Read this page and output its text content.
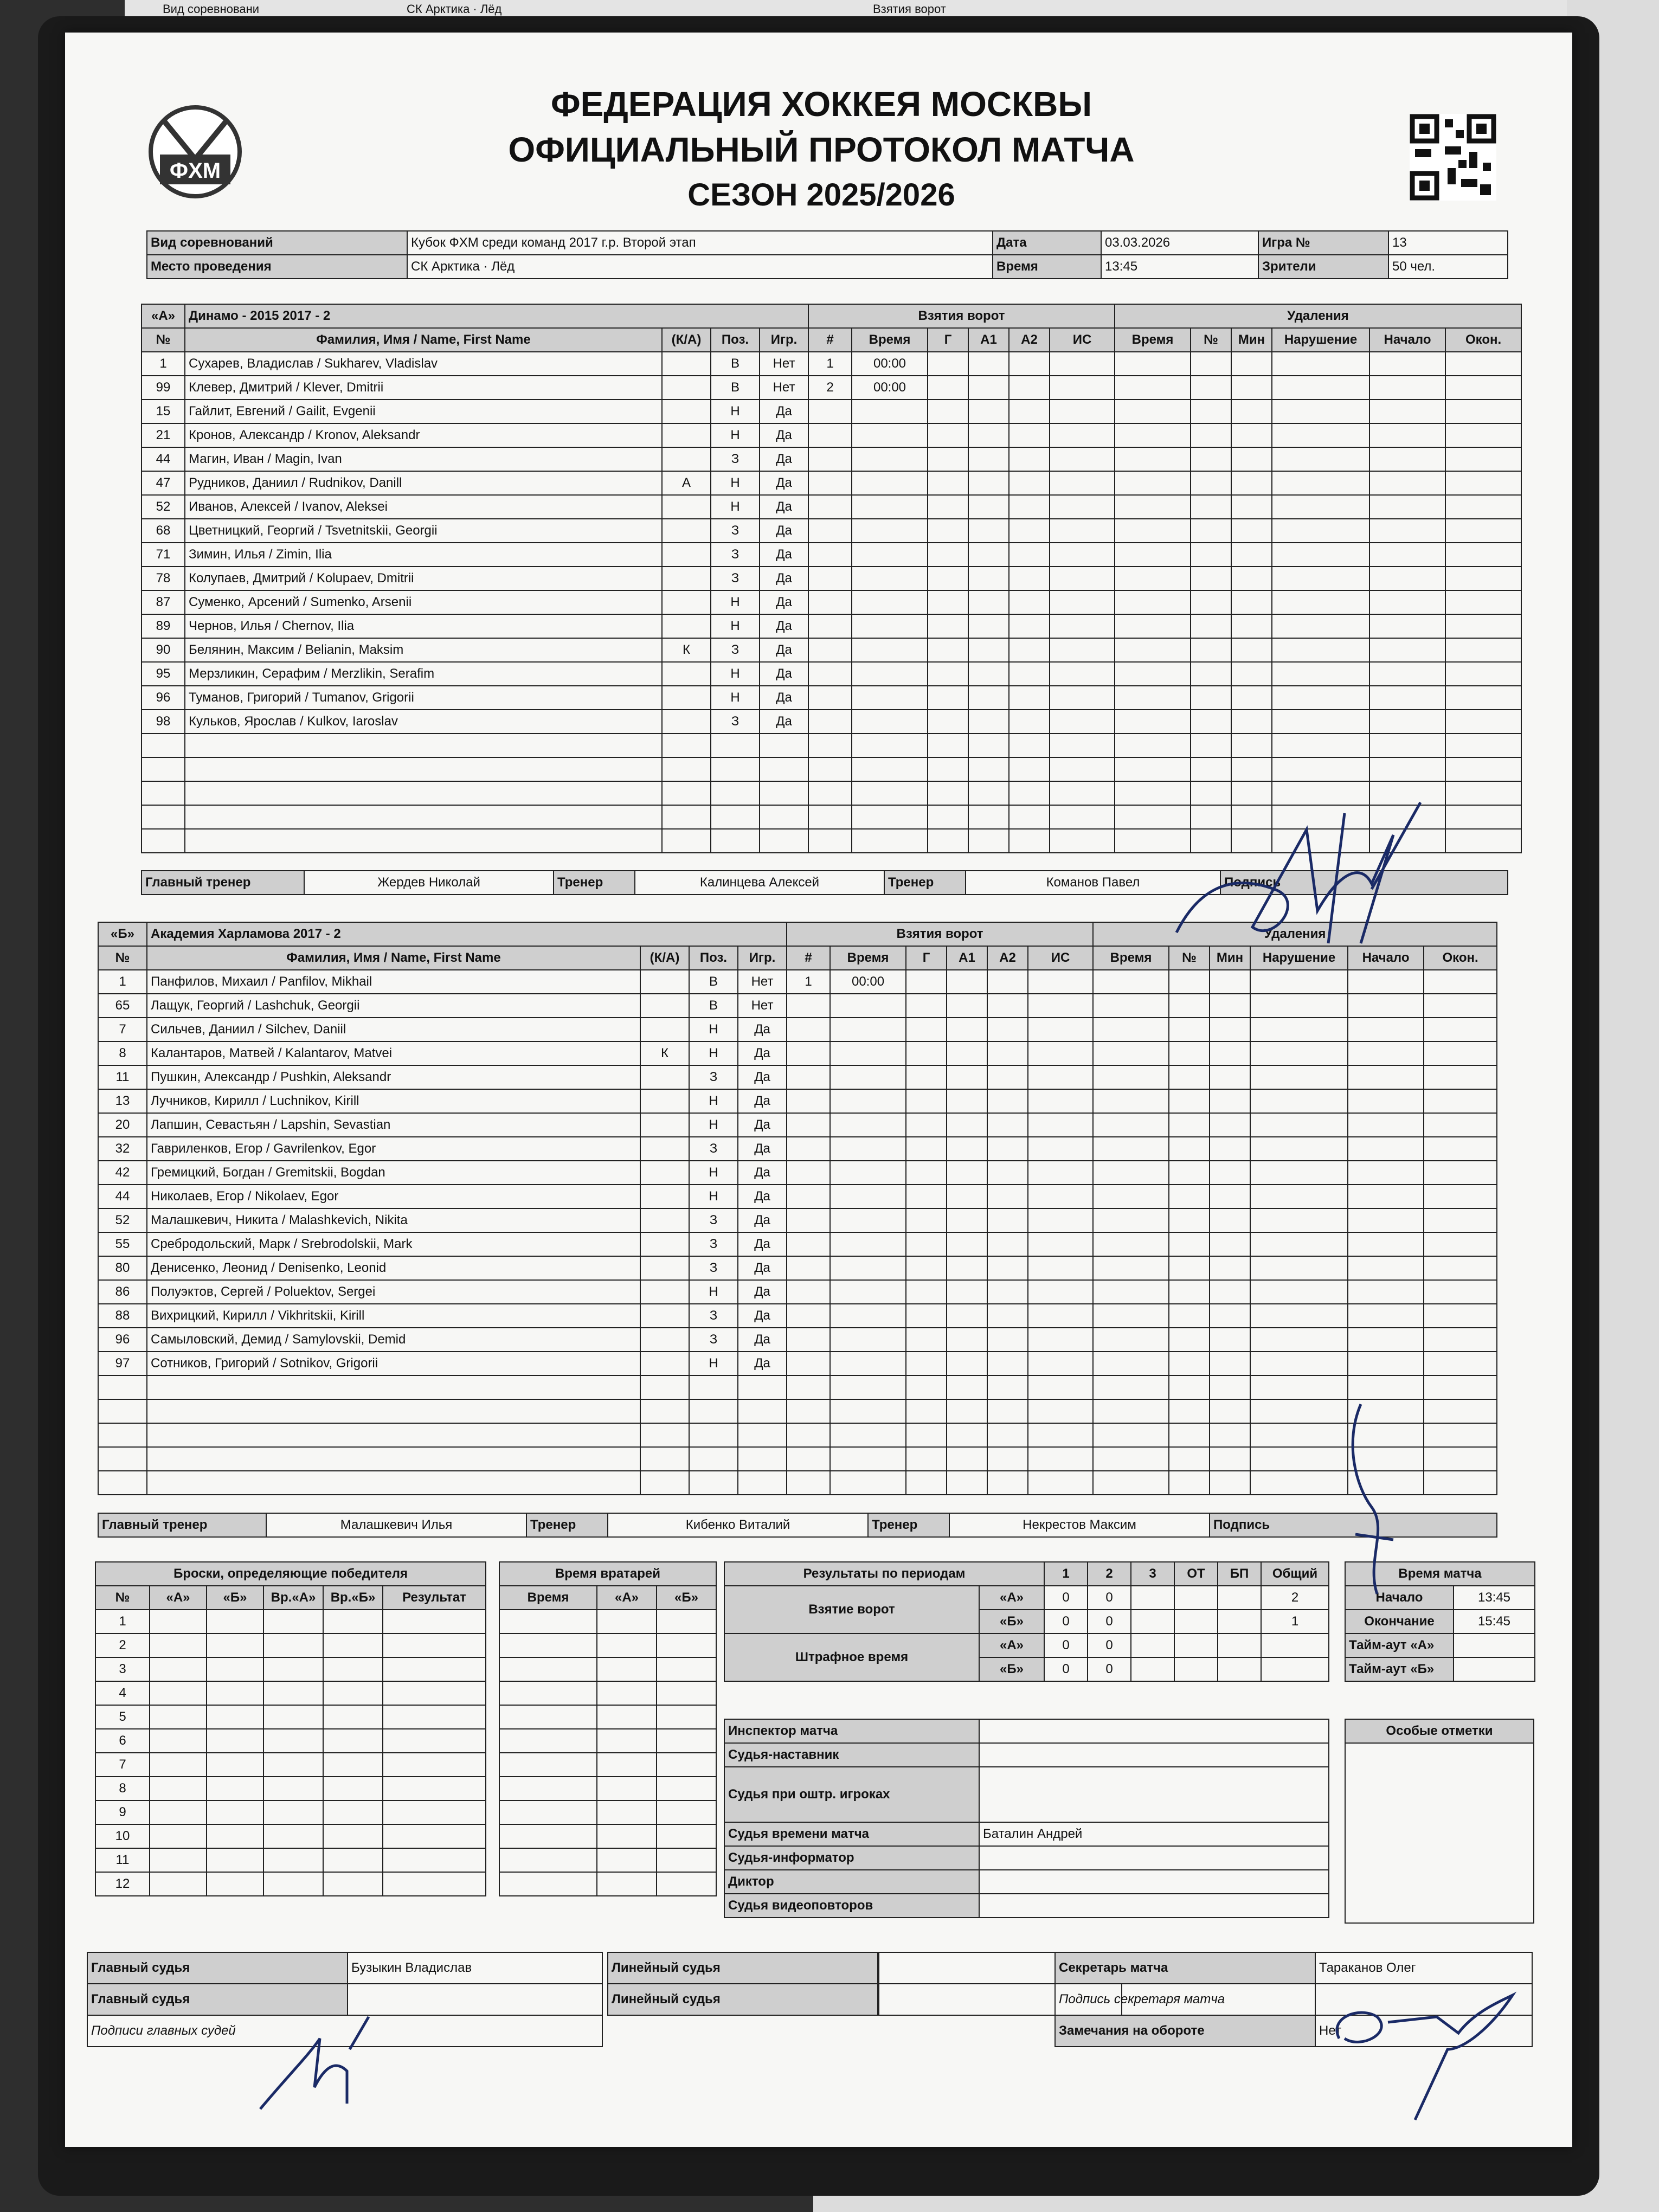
Вид соревновани	СК Арктика · Лёд	Взятия ворот
ФХМ
ФЕДЕРАЦИЯ ХОККЕЯ МОСКВЫ
ОФИЦИАЛЬНЫЙ ПРОТОКОЛ МАТЧА
СЕЗОН 2025/2026
Вид соревнований	Кубок ФХМ среди команд 2017 г.р. Второй этап	Дата	03.03.2026	Игра №	13
Место проведения	СК Арктика · Лёд	Время	13:45	Зрители	50 чел.
«А»	Динамо - 2015 2017 - 2				Взятия ворот						Удаления					
№	Фамилия, Имя / Name, First Name	(К/А)	Поз.	Игр.	#	Время	Г	А1	А2	ИС	Время	№	Мин	Нарушение	Начало	Окон.
1	Сухарев, Владислав / Sukharev, Vladislav		В	Нет	1	00:00										
99	Клевер, Дмитрий / Klever, Dmitrii		В	Нет	2	00:00										
15	Гайлит, Евгений / Gailit, Evgenii		Н	Да												
21	Кронов, Александр / Kronov, Aleksandr		Н	Да												
44	Магин, Иван / Magin, Ivan		З	Да												
47	Рудников, Даниил / Rudnikov, Danill	А	Н	Да												
52	Иванов, Алексей / Ivanov, Aleksei		Н	Да												
68	Цветницкий, Георгий / Tsvetnitskii, Georgii		З	Да												
71	Зимин, Илья / Zimin, Ilia		З	Да												
78	Колупаев, Дмитрий / Kolupaev, Dmitrii		З	Да												
87	Суменко, Арсений / Sumenko, Arsenii		Н	Да												
89	Чернов, Илья / Chernov, Ilia		Н	Да												
90	Белянин, Максим / Belianin, Maksim	К	З	Да												
95	Мерзликин, Серафим / Merzlikin, Serafim		Н	Да												
96	Туманов, Григорий / Tumanov, Grigorii		Н	Да												
98	Кульков, Ярослав / Kulkov, Iaroslav		З	Да												

Главный тренер	Жердев Николай	Тренер	Калинцева Алексей	Тренер	Команов Павел	Подпись
«Б»	Академия Харламова 2017 - 2				Взятия ворот						Удаления					
№	Фамилия, Имя / Name, First Name	(К/А)	Поз.	Игр.	#	Время	Г	А1	А2	ИС	Время	№	Мин	Нарушение	Начало	Окон.
1	Панфилов, Михаил / Panfilov, Mikhail		В	Нет	1	00:00										
65	Лащук, Георгий / Lashchuk, Georgii		В	Нет												
7	Сильчев, Даниил / Silchev, Daniil		Н	Да												
8	Калантаров, Матвей / Kalantarov, Matvei	К	Н	Да												
11	Пушкин, Александр / Pushkin, Aleksandr		З	Да												
13	Лучников, Кирилл / Luchnikov, Kirill		Н	Да												
20	Лапшин, Севастьян / Lapshin, Sevastian		Н	Да												
32	Гавриленков, Егор / Gavrilenkov, Egor		З	Да												
42	Гремицкий, Богдан / Gremitskii, Bogdan		Н	Да												
44	Николаев, Егор / Nikolaev, Egor		Н	Да												
52	Малашкевич, Никита / Malashkevich, Nikita		З	Да												
55	Сребродольский, Марк / Srebrodolskii, Mark		З	Да												
80	Денисенко, Леонид / Denisenko, Leonid		З	Да												
86	Полуэктов, Сергей / Poluektov, Sergei		Н	Да												
88	Вихрицкий, Кирилл / Vikhritskii, Kirill		З	Да												
96	Самыловский, Демид / Samylovskii, Demid		З	Да												
97	Сотников, Григорий / Sotnikov, Grigorii		Н	Да												

Главный тренер	Малашкевич Илья	Тренер	Кибенко Виталий	Тренер	Некрестов Максим	Подпись
Броски, определяющие победителя					
№	«А»	«Б»	Вр.«А»	Вр.«Б»	Результат
1					
2					
3					
4					
5					
6					
7					
8					
9					
10					
11					
12					
Время вратарей		
Время	«А»	«Б»

Результаты по периодам		1	2	3	ОТ	БП	Общий
Взятие ворот	«А»	0	0				2
	«Б»	0	0				1
Штрафное время	«А»	0	0				
	«Б»	0	0				
Время матча	
Начало	13:45
Окончание	15:45
Тайм-аут «А»	
Тайм-аут «Б»	
Инспектор матча	
Судья-наставник	
Судья при оштр. игроках	
Судья времени матча	Баталин Андрей
Судья-информатор	
Диктор	
Судья видеоповторов	
Особые отметки

Главный судья	Бузыкин Владислав
Главный судья	
Подписи главных судей	
Линейный судья
Линейный судья

Секретарь матча	Тараканов Олег
Подпись секретаря матча	
Замечания на обороте	Нет
